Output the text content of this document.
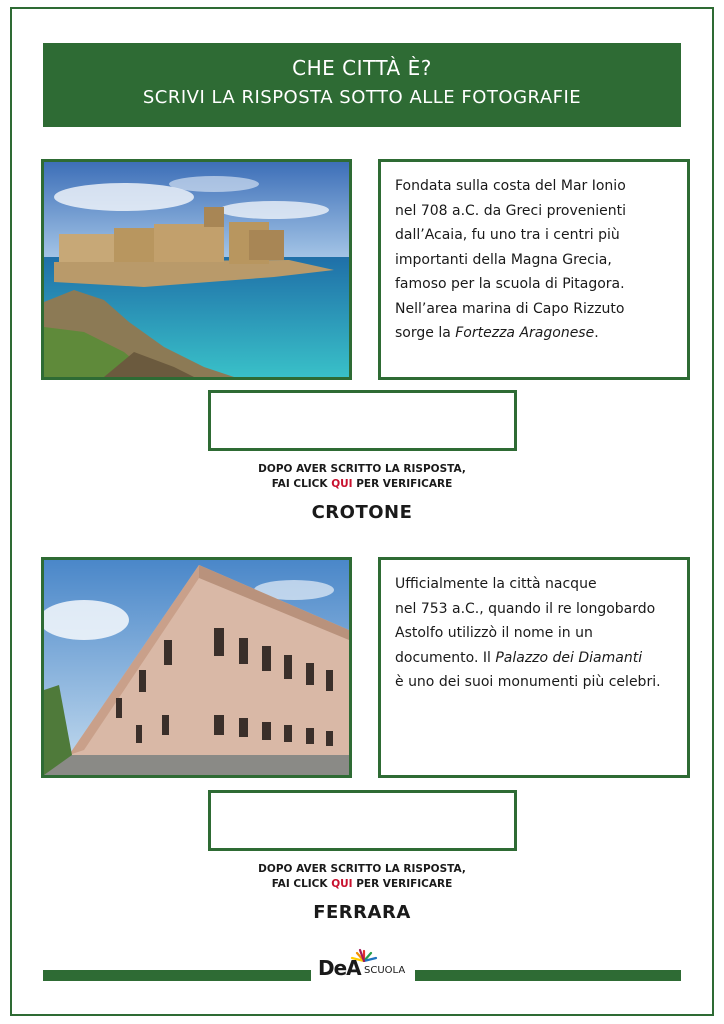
CHE CITTÀ È?
SCRIVI LA RISPOSTA SOTTO ALLE FOTOGRAFIE
Fondata sulla costa del Mar Ionio
nel 708 a.C. da Greci provenienti
dall’Acaia, fu uno tra i centri più
importanti della Magna Grecia,
famoso per la scuola di Pitagora.
Nell’area marina di Capo Rizzuto
sorge la Fortezza Aragonese.
DOPO AVER SCRITTO LA RISPOSTA,
FAI CLICK QUI PER VERIFICARE
CROTONE
Ufficialmente la città nacque
nel 753 a.C., quando il re longobardo
Astolfo utilizzò il nome in un
documento. Il Palazzo dei Diamanti
è uno dei suoi monumenti più celebri.
DOPO AVER SCRITTO LA RISPOSTA,
FAI CLICK QUI PER VERIFICARE
FERRARA
DeA SCUOLA
